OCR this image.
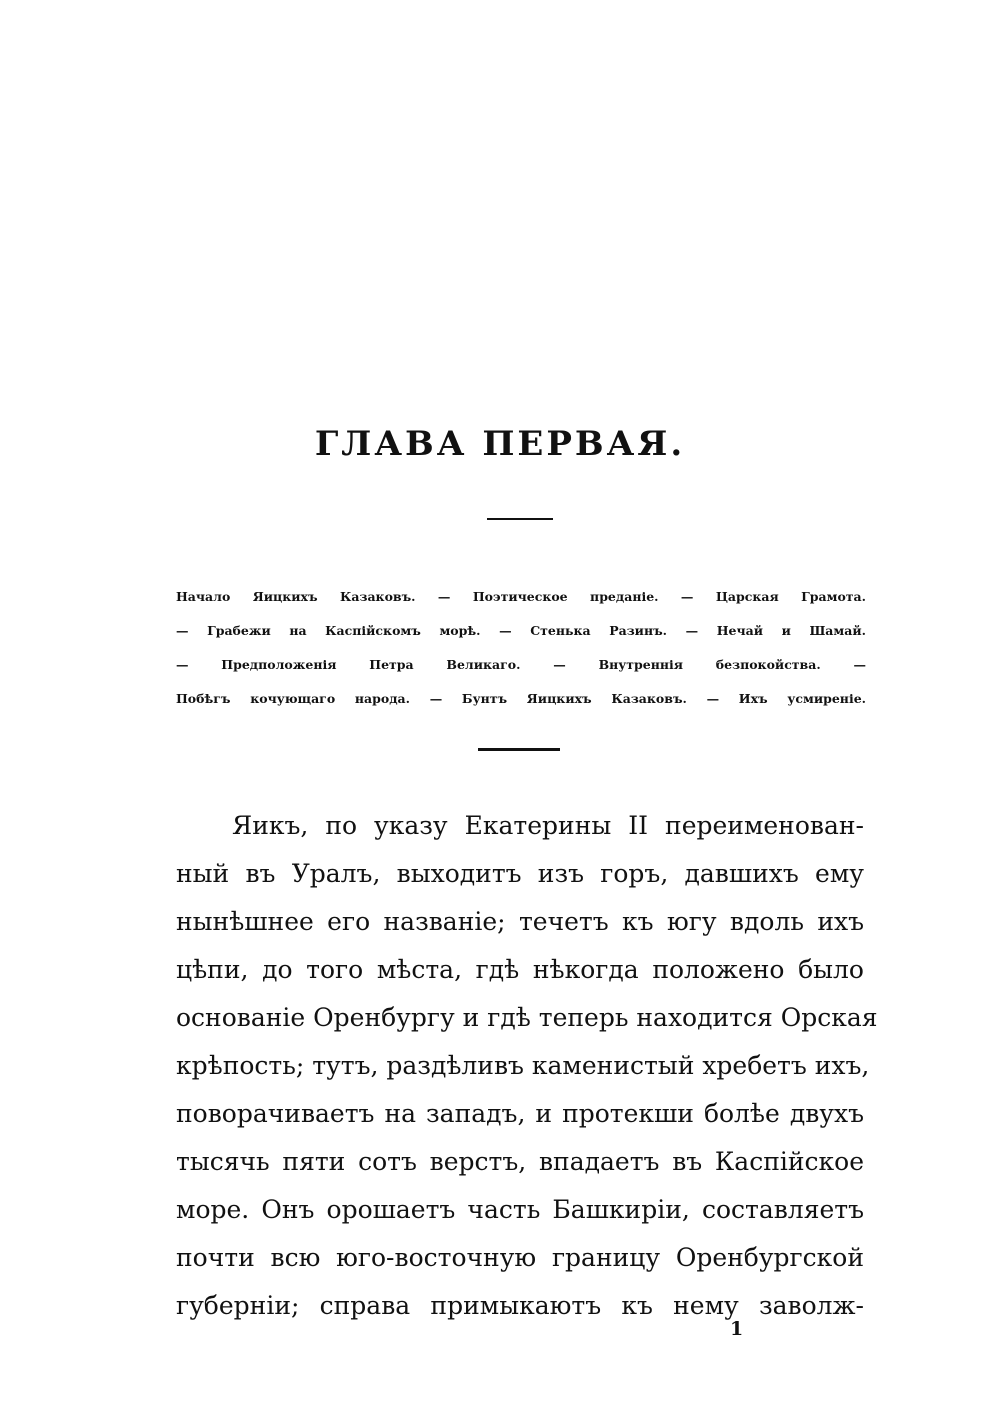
ГЛАВА ПЕРВАЯ.
Начало Яицкихъ Казаковъ. — Поэтическое преданіе. — Царская Грамота.
— Грабежи на Каспійскомъ морѣ. — Стенька Разинъ. — Нечай и Шамай.
— Предположенія Петра Великаго. — Внутреннія безпокойства. —
Побѣгъ кочующаго народа. — Бунтъ Яицкихъ Казаковъ. — Ихъ усмиреніе.
Яикъ, по указу Екатерины II переименован-
ный въ Уралъ, выходитъ изъ горъ, давшихъ ему
нынѣшнее его названіе; течетъ къ югу вдоль ихъ
цѣпи, до того мѣста, гдѣ нѣкогда положено было
основаніе Оренбургу и гдѣ теперь находится Орская
крѣпость; тутъ, раздѣливъ каменистый хребетъ ихъ,
поворачиваетъ на западъ, и протекши болѣе двухъ
тысячь пяти сотъ верстъ, впадаетъ въ Каспійское
море. Онъ орошаетъ часть Башкиріи, составляетъ
почти всю юго-восточную границу Оренбургской
губерніи; справа примыкаютъ къ нему заволж-
1
